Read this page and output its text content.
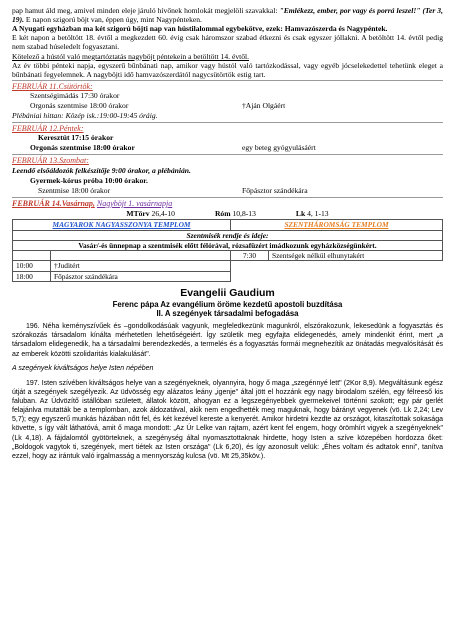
pap hamut áld meg, amivel minden eleje járuló hívőnek homlokát megjelöli szavakkal: "Emlékezz, ember, por vagy és porrá leszel!" (Ter 3, 19). E napon szigorú böjt van, éppen úgy, mint Nagypénteken.

A Nyugati egyházban ma két szigorú böjti nap van hústilalommal egybekötve, ezek: Hamvazószerda és Nagypéntek.

E két napon a betöltött 18. évtől a megkezdett 60. évig csak háromszor szabad étkezni és csak egyszer jóllakni. A betöltött 14. évtől pedig nem szabad húseledelt fogyasztani.

Kötelező a hústól való megtartóztatás nagyböjt péntekein a betöltött 14. évtől.

Az év többi pénteki napja, egyszerű bűnbánati nap, amikor vagy hústól való tartózkodással, vagy egyéb jócselekedettel tehetünk eleget a bűnbánati fegyelemnek. A nagyböjti idő hamvazószerdától nagycsütörtök estig tart.

FEBRUÁR 11.Csütörtök:

Szentségimádás 17:30 órakor
Orgonás szentmise 18:00 órakor	†Aján Olgáért

Plébániai hittan: Közép isk.:19:00-19:45 óráig.

FEBRUÁR 12.Péntek:

Keresztút 17:15 órakor
Orgonás szentmise 18:00 órakor	egy beteg gyógyulásáért

FEBRUÁR 13.Szombat:

Leendő elsőáldozók felkészítője 9:00 órakor, a plébánián.
Gyermek-kórus próba 10:00 órakor.
Szentmise 18:00 órakor	Főpásztor szándékára

FEBRUÁR 14.Vasárnap, Nagyböjt 1. vasárnapja

MTörv 26,4-10	Róm 10,8-13	Lk 4, 1-13
MAGYAROK NAGYASSZONYA TEMPLOM		SZENTHÁROMSÁG TEMPLOM	
Szentmisék rendje és ideje:			
Vasár/-és ünnepnap a szentmisék előtt félórával, rózsafüzért imádkozunk egyházközségünkért.			
		7:30	Szentségek nélkül elhunytakért
10:00	†Juditért		
18:00	Főpásztor szándékára		

Evangelii Gaudium

Ferenc pápa Az evangélium öröme kezdetű apostoli buzdítása

II. A szegények társadalmi befogadása

196. Néha keményszívűek és –gondolkodásúak vagyunk, megfeledkezünk magunkról, elszórakozunk, lekesedünk a fogyasztás és szórakozás társadalom kínálta mérhetetlen lehetőségeiért. Így születik meg egyfajta elidegenedés, amely mindenkit érint, mert „a társadalom elidegenedik, ha a társadalmi berendezkedés, a termelés és a fogyasztás formái megnehezítik az önátadás megvalósítását és az emberek közötti szolidaritás kialakulását".

A szegények kiváltságos helye Isten népében

197. Isten szívében kiváltságos helye van a szegényeknek, olyannyira, hogy ő maga „szegénnyé lett" (2Kor 8,9). Megváltásunk egész útját a szegények szegélyezik. Az üdvösség egy alázatos leány „igenje" által jött el hozzánk egy nagy birodalom szélén, egy félreeső kis faluban. Az Üdvözítő istállóban született, állatok között, ahogyan ez a legszegényebbek gyermekeivel történni szokott; egy pár gerlét felajánlva mutatták be a templomban, azok áldozatával, akik nem engedhették meg maguknak, hogy bárányt vegyenek (vö. Lk 2,24; Lev 5,7); egy egyszerű munkás házában nőtt fel, és két kezével kereste a kenyerét. Amikor hirdetni kezdte az országot, kitaszítottak sokasága követte, s így vált láthatóvá, amit ő maga mondott: „Az Úr Lelke van rajtam, azért kent fel engem, hogy örömhírt vigyek a szegényeknek" (Lk 4,18). A fájdalomtól gyötörteknek, a szegénység által nyomasztottaknak hirdette, hogy Isten a szíve közepében hordozza őket: „Boldogok vagytok ti, szegények, mert tiétek az Isten országa" (Lk 6,20), és így azonosult velük: „Éhes voltam és adtatok enni", tanítva ezzel, hogy az irántuk való irgalmasság a mennyország kulcsa (vö. Mt 25,35köv.).
